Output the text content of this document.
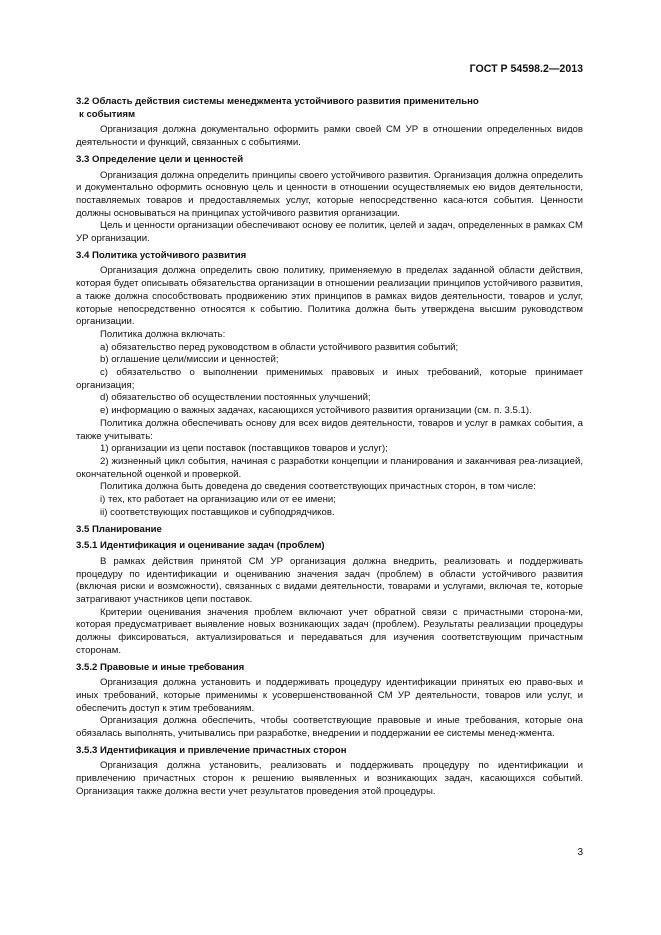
ГОСТ Р 54598.2—2013
3.2 Область действия системы менеджмента устойчивого развития применительно
к событиям
Организация должна документально оформить рамки своей СМ УР в отношении определенных видов деятельности и функций, связанных с событиями.
3.3 Определение цели и ценностей
Организация должна определить принципы своего устойчивого развития. Организация должна определить и документально оформить основную цель и ценности в отношении осуществляемых ею видов деятельности, поставляемых товаров и предоставляемых услуг, которые непосредственно каса-ются события. Ценности должны основываться на принципах устойчивого развития организации.
Цель и ценности организации обеспечивают основу ее политик, целей и задач, определенных в рамках СМ УР организации.
3.4 Политика устойчивого развития
Организация должна определить свою политику, применяемую в пределах заданной области действия, которая будет описывать обязательства организации в отношении реализации принципов устойчивого развития, а также должна способствовать продвижению этих принципов в рамках видов деятельности, товаров и услуг, которые непосредственно относятся к событию. Политика должна быть утверждена высшим руководством организации.
Политика должна включать:
a) обязательство перед руководством в области устойчивого развития событий;
b) оглашение цели/миссии и ценностей;
c) обязательство о выполнении применимых правовых и иных требований, которые принимает организация;
d) обязательство об осуществлении постоянных улучшений;
e) информацию о важных задачах, касающихся устойчивого развития организации (см. п. 3.5.1).
Политика должна обеспечивать основу для всех видов деятельности, товаров и услуг в рамках события, а также учитывать:
1) организации из цепи поставок (поставщиков товаров и услуг);
2) жизненный цикл события, начиная с разработки концепции и планирования и заканчивая реа-лизацией, окончательной оценкой и проверкой.
Политика должна быть доведена до сведения соответствующих причастных сторон, в том числе:
i) тех, кто работает на организацию или от ее имени;
ii) соответствующих поставщиков и субподрядчиков.
3.5 Планирование
3.5.1 Идентификация и оценивание задач (проблем)
В рамках действия принятой СМ УР организация должна внедрить, реализовать и поддерживать процедуру по идентификации и оцениванию значения задач (проблем) в области устойчивого развития (включая риски и возможности), связанных с видами деятельности, товарами и услугами, включая те, которые затрагивают участников цепи поставок.
Критерии оценивания значения проблем включают учет обратной связи с причастными сторона-ми, которая предусматривает выявление новых возникающих задач (проблем). Результаты реализации процедуры должны фиксироваться, актуализироваться и передаваться для изучения соответствующим причастным сторонам.
3.5.2 Правовые и иные требования
Организация должна установить и поддерживать процедуру идентификации принятых ею право-вых и иных требований, которые применимы к усовершенствованной СМ УР деятельности, товаров или услуг, и обеспечить доступ к этим требованиям.
Организация должна обеспечить, чтобы соответствующие правовые и иные требования, которые она обязалась выполнять, учитывались при разработке, внедрении и поддержании ее системы менед-жмента.
3.5.3 Идентификация и привлечение причастных сторон
Организация должна установить, реализовать и поддерживать процедуру по идентификации и привлечению причастных сторон к решению выявленных и возникающих задач, касающихся событий. Организация также должна вести учет результатов проведения этой процедуры.
3
